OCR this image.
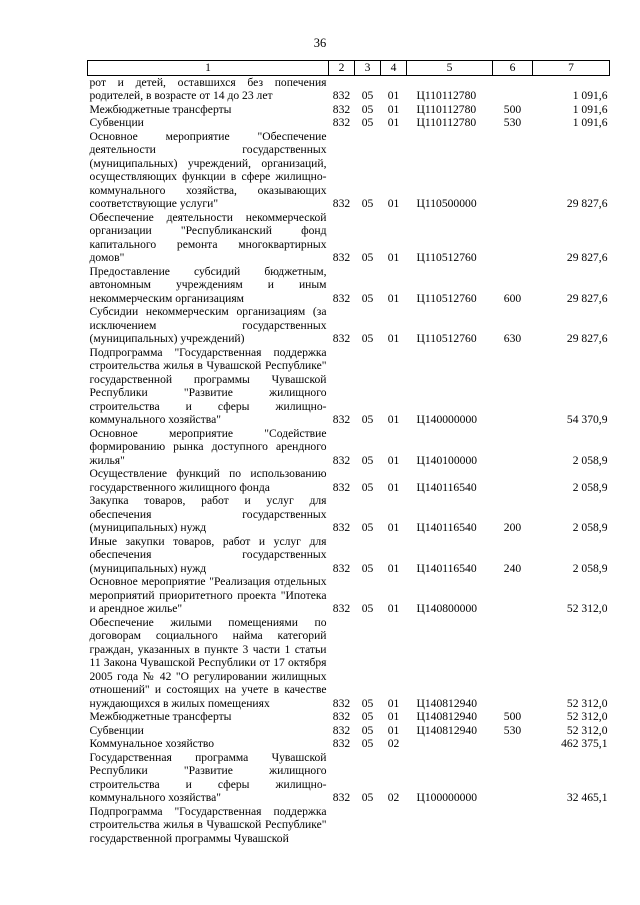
36
1	2	3	4	5	6	7
рот и детей, оставшихся без попечения родителей, в возрасте от 14 до 23 лет	832	05	01	Ц110112780		1 091,6
Межбюджетные трансферты	832	05	01	Ц110112780	500	1 091,6
Субвенции	832	05	01	Ц110112780	530	1 091,6
Основное мероприятие "Обеспечение деятельности государственных (муниципальных) учреждений, организаций, осуществляющих функции в сфере жилищно-коммунального хозяйства, оказывающих соответствующие услуги"	832	05	01	Ц110500000		29 827,6
Обеспечение деятельности некоммерческой организации "Республиканский фонд капитального ремонта многоквартирных домов"	832	05	01	Ц110512760		29 827,6
Предоставление субсидий бюджетным, автономным учреждениям и иным некоммерческим организациям	832	05	01	Ц110512760	600	29 827,6
Субсидии некоммерческим организациям (за исключением государственных (муниципальных) учреждений)	832	05	01	Ц110512760	630	29 827,6
Подпрограмма "Государственная поддержка строительства жилья в Чувашской Республике" государственной программы Чувашской Республики "Развитие жилищного строительства и сферы жилищно-коммунального хозяйства"	832	05	01	Ц140000000		54 370,9
Основное мероприятие "Содействие формированию рынка доступного арендного жилья"	832	05	01	Ц140100000		2 058,9
Осуществление функций по использованию государственного жилищного фонда	832	05	01	Ц140116540		2 058,9
Закупка товаров, работ и услуг для обеспечения государственных (муниципальных) нужд	832	05	01	Ц140116540	200	2 058,9
Иные закупки товаров, работ и услуг для обеспечения государственных (муниципальных) нужд	832	05	01	Ц140116540	240	2 058,9
Основное мероприятие "Реализация отдельных мероприятий приоритетного проекта "Ипотека и арендное жилье"	832	05	01	Ц140800000		52 312,0
Обеспечение жилыми помещениями по договорам социального найма категорий граждан, указанных в пункте 3 части 1 статьи 11 Закона Чувашской Республики от 17 октября 2005 года № 42 "О регулировании жилищных отношений" и состоящих на учете в качестве нуждающихся в жилых помещениях	832	05	01	Ц140812940		52 312,0
Межбюджетные трансферты	832	05	01	Ц140812940	500	52 312,0
Субвенции	832	05	01	Ц140812940	530	52 312,0
Коммунальное хозяйство	832	05	02			462 375,1
Государственная программа Чувашской Республики "Развитие жилищного строительства и сферы жилищно-коммунального хозяйства"	832	05	02	Ц100000000		32 465,1
Подпрограмма "Государственная поддержка строительства жилья в Чувашской Республике" государственной программы Чувашской						
